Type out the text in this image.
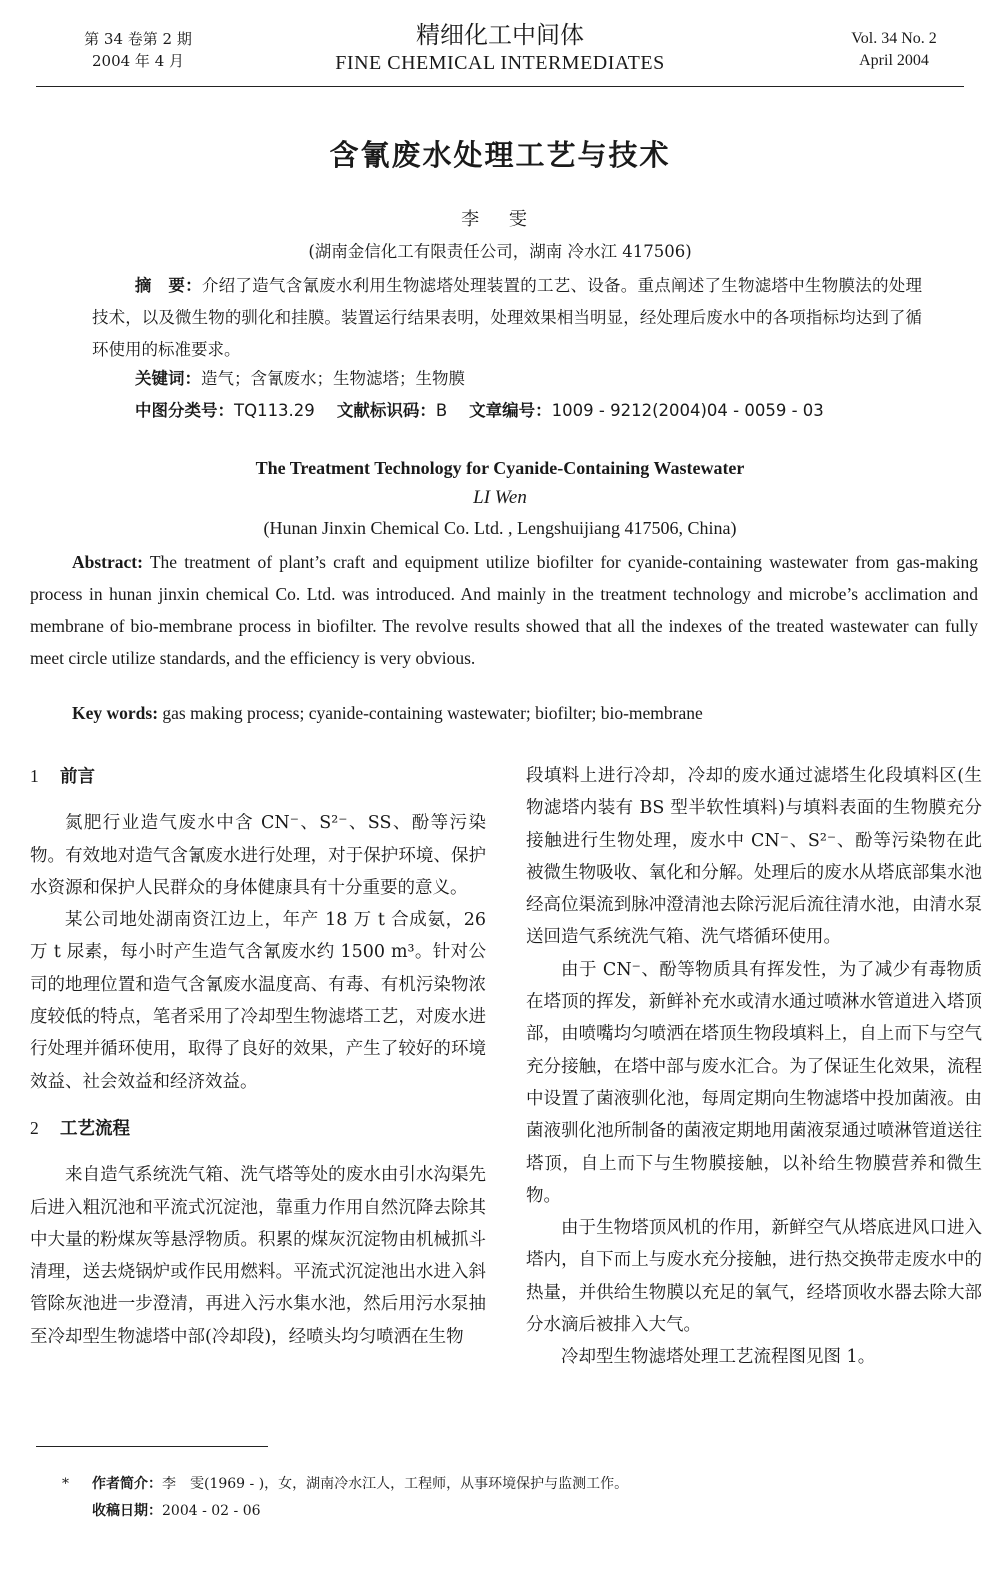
第 34 卷第 2 期
2004 年 4 月
精细化工中间体
FINE CHEMICAL INTERMEDIATES
Vol. 34 No. 2
April 2004
含氰废水处理工艺与技术
李 雯
(湖南金信化工有限责任公司，湖南 冷水江 417506)

摘　要：介绍了造气含氰废水利用生物滤塔处理装置的工艺、设备。重点阐述了生物滤塔中生物膜法的处理技术，以及微生物的驯化和挂膜。装置运行结果表明，处理效果相当明显，经处理后废水中的各项指标均达到了循环使用的标准要求。

关键词：造气；含氰废水；生物滤塔；生物膜
中图分类号：TQ113.29 文献标识码：B 文章编号：1009 - 9212(2004)04 - 0059 - 03
The Treatment Technology for Cyanide-Containing Wastewater
LI Wen
(Hunan Jinxin Chemical Co. Ltd. , Lengshuijiang 417506, China)
Abstract: The treatment of plant’s craft and equipment utilize biofilter for cyanide-containing wastewater from gas-making process in hunan jinxin chemical Co. Ltd. was introduced. And mainly in the treatment technology and microbe’s acclimation and membrane of bio-membrane process in biofilter. The revolve results showed that all the indexes of the treated wastewater can fully meet circle utilize standards, and the efficiency is very obvious.
Key words: gas making process; cyanide-containing wastewater; biofilter; bio-membrane
1 前言

氮肥行业造气废水中含 CN⁻、S²⁻、SS、酚等污染物。有效地对造气含氰废水进行处理，对于保护环境、保护水资源和保护人民群众的身体健康具有十分重要的意义。

某公司地处湖南资江边上，年产 18 万 t 合成氨，26 万 t 尿素，每小时产生造气含氰废水约 1500 m³。针对公司的地理位置和造气含氰废水温度高、有毒、有机污染物浓度较低的特点，笔者采用了冷却型生物滤塔工艺，对废水进行处理并循环使用，取得了良好的效果，产生了较好的环境效益、社会效益和经济效益。

2 工艺流程

来自造气系统洗气箱、洗气塔等处的废水由引水沟渠先后进入粗沉池和平流式沉淀池，靠重力作用自然沉降去除其中大量的粉煤灰等悬浮物质。积累的煤灰沉淀物由机械抓斗清理，送去烧锅炉或作民用燃料。平流式沉淀池出水进入斜管除灰池进一步澄清，再进入污水集水池，然后用污水泵抽至冷却型生物滤塔中部(冷却段)，经喷头均匀喷洒在生物

段填料上进行冷却，冷却的废水通过滤塔生化段填料区(生物滤塔内装有 BS 型半软性填料)与填料表面的生物膜充分接触进行生物处理，废水中 CN⁻、S²⁻、酚等污染物在此被微生物吸收、氧化和分解。处理后的废水从塔底部集水池经高位渠流到脉冲澄清池去除污泥后流往清水池，由清水泵送回造气系统洗气箱、洗气塔循环使用。

由于 CN⁻、酚等物质具有挥发性，为了减少有毒物质在塔顶的挥发，新鲜补充水或清水通过喷淋水管道进入塔顶部，由喷嘴均匀喷洒在塔顶生物段填料上，自上而下与空气充分接触，在塔中部与废水汇合。为了保证生化效果，流程中设置了菌液驯化池，每周定期向生物滤塔中投加菌液。由菌液驯化池所制备的菌液定期地用菌液泵通过喷淋管道送往塔顶，自上而下与生物膜接触，以补给生物膜营养和微生物。

由于生物塔顶风机的作用，新鲜空气从塔底进风口进入塔内，自下而上与废水充分接触，进行热交换带走废水中的热量，并供给生物膜以充足的氧气，经塔顶收水器去除大部分水滴后被排入大气。

冷却型生物滤塔处理工艺流程图见图 1。

* 作者简介：李　雯(1969 - )，女，湖南冷水江人，工程师，从事环境保护与监测工作。
收稿日期：2004 - 02 - 06
